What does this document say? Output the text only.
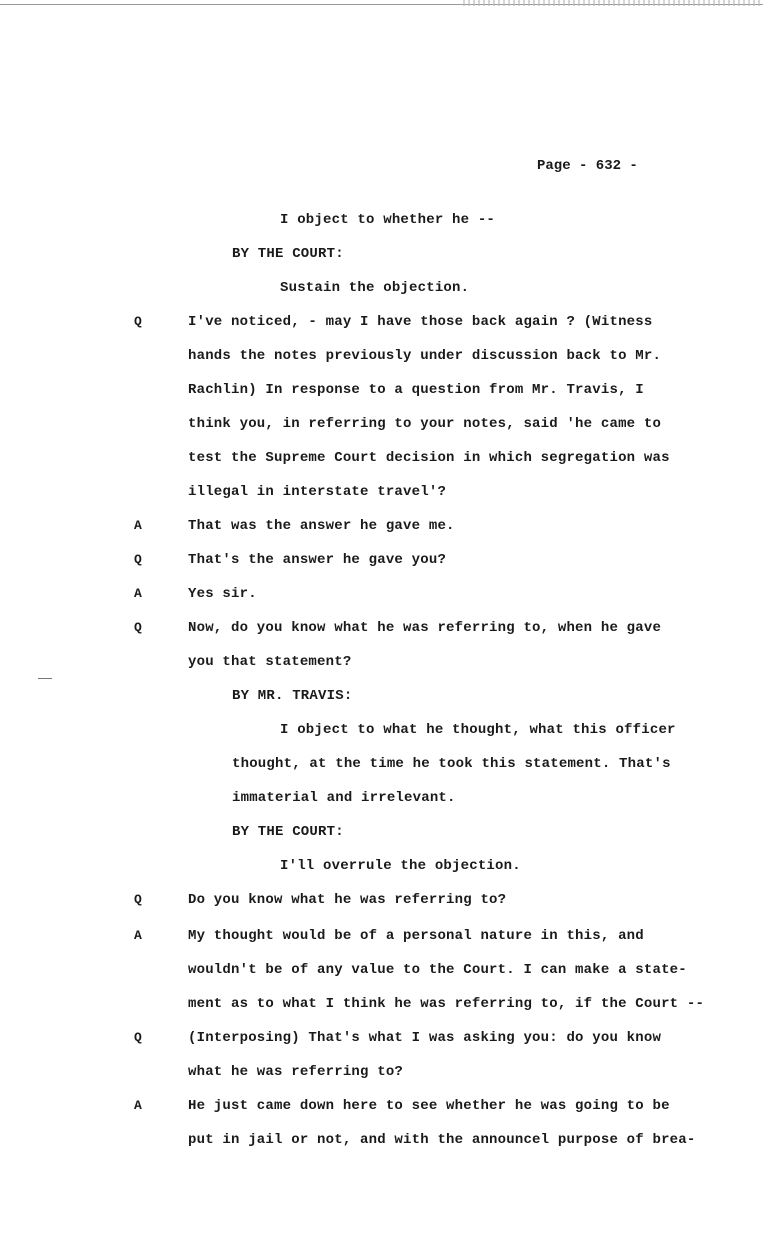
Page - 632 -
I object to whether he --
BY THE COURT:
Sustain the objection.
Q	I've noticed, - may I have those back again ? (Witness
hands the notes previously under discussion back to Mr.
Rachlin) In response to a question from Mr. Travis, I
think you, in referring to your notes, said 'he came to
test the Supreme Court decision in which segregation was
illegal in interstate travel'?
A	That was the answer he gave me.
Q	That's the answer he gave you?
A	Yes sir.
Q	Now, do you know what he was referring to, when he gave
you that statement?
BY MR. TRAVIS:
I object to what he thought, what this officer
thought, at the time he took this statement. That's
immaterial and irrelevant.
BY THE COURT:
I'll overrule the objection.
Q	Do you know what he was referring to?
A	My thought would be of a personal nature in this, and
wouldn't be of any value to the Court. I can make a state-
ment as to what I think he was referring to, if the Court --
Q	(Interposing) That's what I was asking you: do you know
what he was referring to?
A	He just came down here to see whether he was going to be
put in jail or not, and with the announcel purpose of brea-
